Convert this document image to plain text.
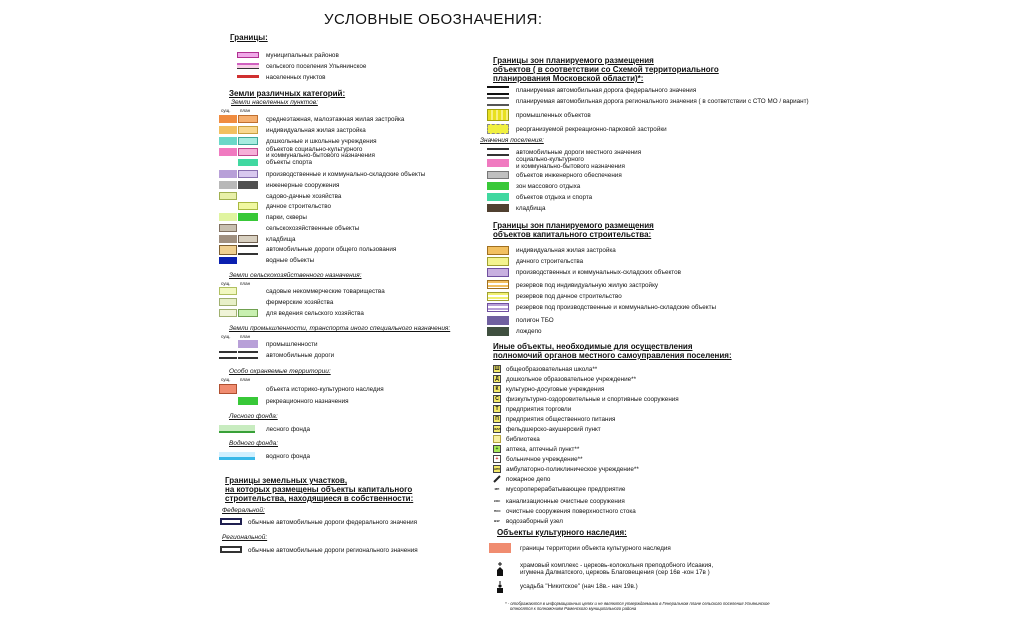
УСЛОВНЫЕ ОБОЗНАЧЕНИЯ:
Границы:
муниципальных районов
сельского поселения Ульянинское
населенных пунктов
Земли различных категорий:
Земли населенных пунктов:
сущ. план
среднеэтажная, малоэтажная жилая застройка
индивидуальная жилая застройка
дошкольные и школьные учреждения
объектов социально-культурного
и коммунально-бытового назначения
объекты спорта
производственные и коммунально-складские объекты
инженерные сооружения
садово-дачные хозяйства
дачное строительство
парки, скверы
сельскохозяйственные объекты
кладбища
автомобильные дороги общего пользования
водные объекты
Земли сельскохозяйственного назначения:
сущ. план
садовые некоммерческие товарищества
фермерские хозяйства
для ведения сельского хозяйства
Земли промышленности, транспорта иного специального назначения:
сущ. план
промышленности
автомобильные дороги
Особо охраняемые территории:
сущ. план
объекта историко-культурного наследия
рекреационного назначения
Лесного фонда:
лесного фонда
Водного фонда:
водного фонда
Границы земельных участков,
на которых размещены объекты капитального
строительства, находящиеся в собственности:
Федеральной:
обычные автомобильные дороги федерального значения
Региональной:
обычные автомобильные дороги регионального значения
Границы зон планируемого размещения
объектов ( в соответствии со Схемой территориального
планирования Московской области)*:
планируемая автомобильная дорога федерального значения
планируемая автомобильная дорога регионального значения ( в соответствии с СТО МО / вариант)
промышленных объектов
реорганизуемой рекреационно-парковой застройки
Значения поселения:
автомобильные дороги местного значения
социально-культурного
и коммунально-бытового назначения
объектов инженерного обеспечения
зон массового отдыха
объектов отдыха и спорта
кладбища
Границы зон планируемого размещения
объектов капитального строительства:
индивидуальная жилая застройка
дачного строительства
производственных и коммунальных-складских объектов
резервов под индивидуальную жилую застройку
резервов под дачное строительство
резервов под производственные и коммунально-складские объекты
полигон ТБО
лождепо
Иные объекты, необходимые для осуществления
полномочий органов местного самоуправления поселения:
Ш общеобразовательная школа**
Д	дошкольное образовательное учреждение**
К	культурно-досуговые учреждения
С	физкультурно-оздоровительные и спортивные сооружения
Т	предприятия торговли
П	предприятия общественного питания
ФАП фельдшерско-акушерский пункт
библиотека
+	аптека, аптечный пункт**
+	больничное учреждение**
АПУ амбулаторно-поликлиническое учреждение**
пожарное депо
МП мусороперерабатывающее предприятие
КОС канализационные очистные сооружения
ПОС очистные сооружения поверхностного стока
ВЗУ водозаборный узел
Объекты культурного наследия:
границы территории объекта культурного наследия
храмовый комплекс - церковь-колокольня преподобного Исаакия,
игумена Далматского, церковь Благовещения (сер 16в -кон 17в )
усадьба "Никитское" (нач 18в.- нач 19в.)
* - отображаются в информационных целях и не являются утверждаемыми в Генеральном плане сельского поселения Ульянинское
относятся к полномочиям Раменского муниципального района
